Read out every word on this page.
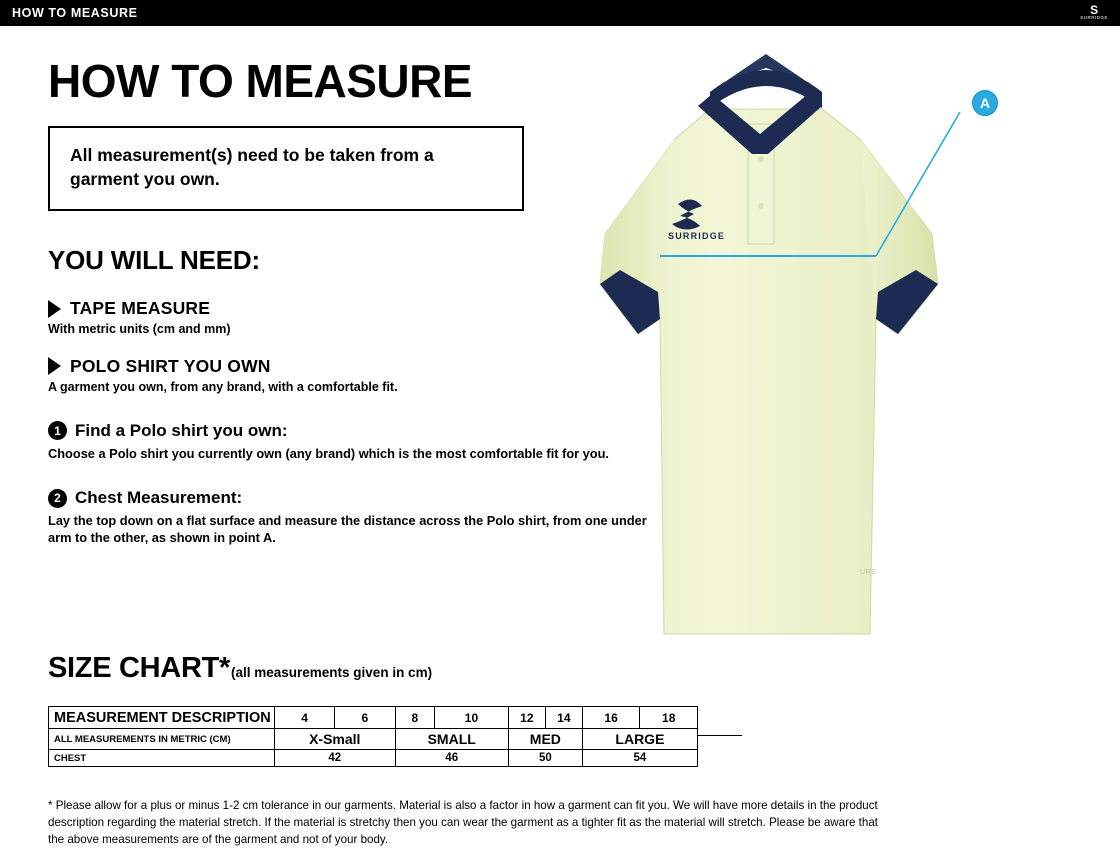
HOW TO MEASURE	S
SURRIDGE
HOW TO MEASURE
All measurement(s) need to be taken from a garment you own.
YOU WILL NEED:
TAPE MEASURE
With metric units (cm and mm)
POLO SHIRT YOU OWN
A garment you own, from any brand, with a comfortable fit.
1 Find a Polo shirt you own:
Choose a Polo shirt you currently own (any brand) which is the most comfortable fit for you.
2 Chest Measurement:
Lay the top down on a flat surface and measure the distance across the Polo shirt, from one under arm to the other, as shown in point A.
SIZE CHART* (all measurements given in cm)
MEASUREMENT DESCRIPTION	4	6	8	10	12	14	16	18
ALL MEASUREMENTS IN METRIC (CM)	X-Small		SMALL		MED		LARGE	
CHEST	42		46		50		54	
* Please allow for a plus or minus 1-2 cm tolerance in our garments. Material is also a factor in how a garment can fit you. We will have more details in the product description regarding the material stretch. If the material is stretchy then you can wear the garment as a tighter fit as the material will stretch. Please be aware that the above measurements are of the garment and not of your body.
SURRIDGE
URS
A
